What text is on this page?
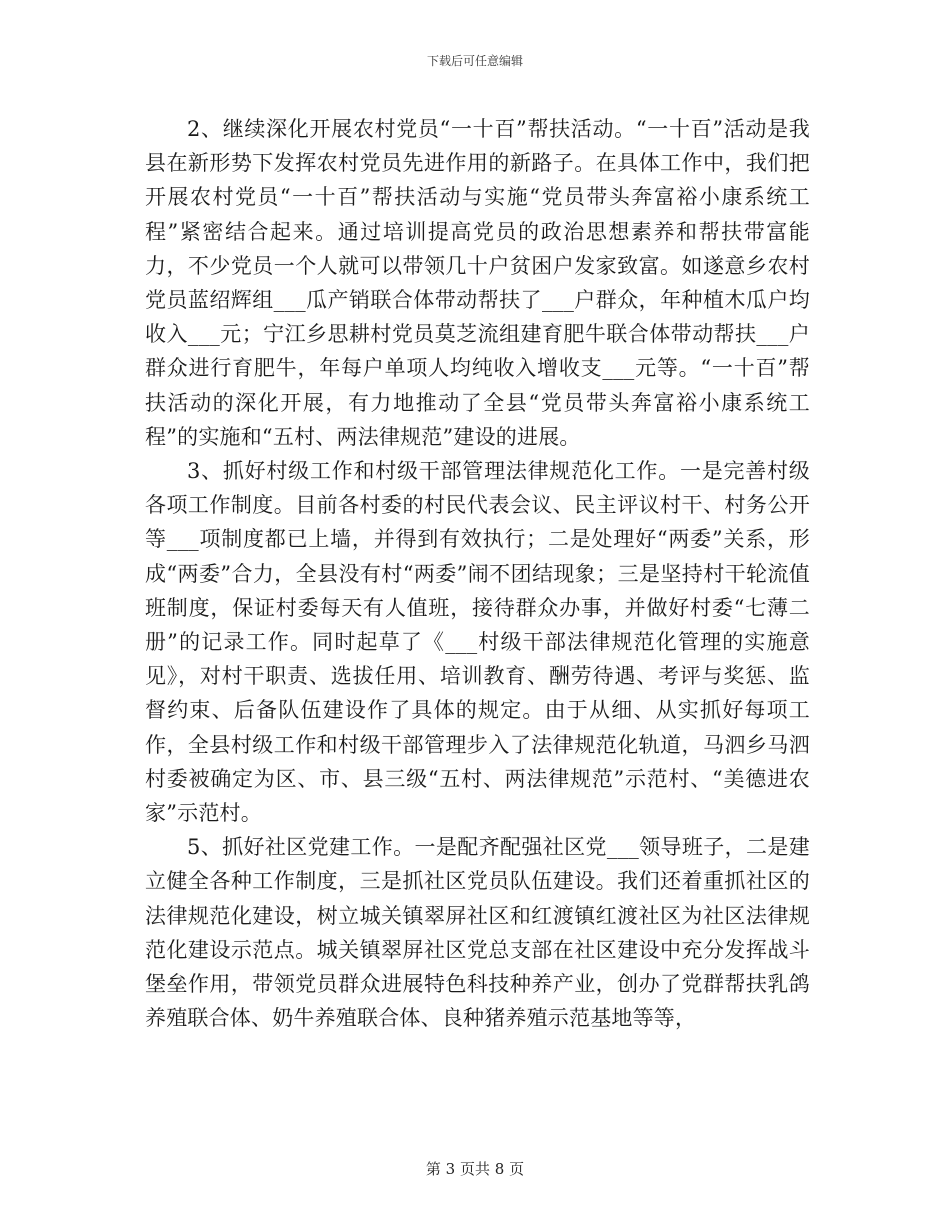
下载后可任意编辑

2、继续深化开展农村党员“一十百”帮扶活动。“一十百”活动是我县在新形势下发挥农村党员先进作用的新路子。在具体工作中，我们把开展农村党员“一十百”帮扶活动与实施“党员带头奔富裕小康系统工程”紧密结合起来。通过培训提高党员的政治思想素养和帮扶带富能力，不少党员一个人就可以带领几十户贫困户发家致富。如遂意乡农村党员蓝绍辉组___瓜产销联合体带动帮扶了___户群众，年种植木瓜户均收入___元；宁江乡思耕村党员莫芝流组建育肥牛联合体带动帮扶___户群众进行育肥牛，年每户单项人均纯收入增收支___元等。“一十百”帮扶活动的深化开展，有力地推动了全县“党员带头奔富裕小康系统工程”的实施和“五村、两法律规范”建设的进展。

3、抓好村级工作和村级干部管理法律规范化工作。一是完善村级各项工作制度。目前各村委的村民代表会议、民主评议村干、村务公开等___项制度都已上墙，并得到有效执行；二是处理好“两委”关系，形成“两委”合力，全县没有村“两委”闹不团结现象；三是坚持村干轮流值班制度，保证村委每天有人值班，接待群众办事，并做好村委“七薄二册”的记录工作。同时起草了《___村级干部法律规范化管理的实施意见》，对村干职责、选拔任用、培训教育、酬劳待遇、考评与奖惩、监督约束、后备队伍建设作了具体的规定。由于从细、从实抓好每项工作，全县村级工作和村级干部管理步入了法律规范化轨道，马泗乡马泗村委被确定为区、市、县三级“五村、两法律规范”示范村、“美德进农家”示范村。

5、抓好社区党建工作。一是配齐配强社区党___领导班子，二是建立健全各种工作制度，三是抓社区党员队伍建设。我们还着重抓社区的法律规范化建设，树立城关镇翠屏社区和红渡镇红渡社区为社区法律规范化建设示范点。城关镇翠屏社区党总支部在社区建设中充分发挥战斗堡垒作用，带领党员群众进展特色科技种养产业，创办了党群帮扶乳鸽养殖联合体、奶牛养殖联合体、良种猪养殖示范基地等等，

第 3 页共 8 页
